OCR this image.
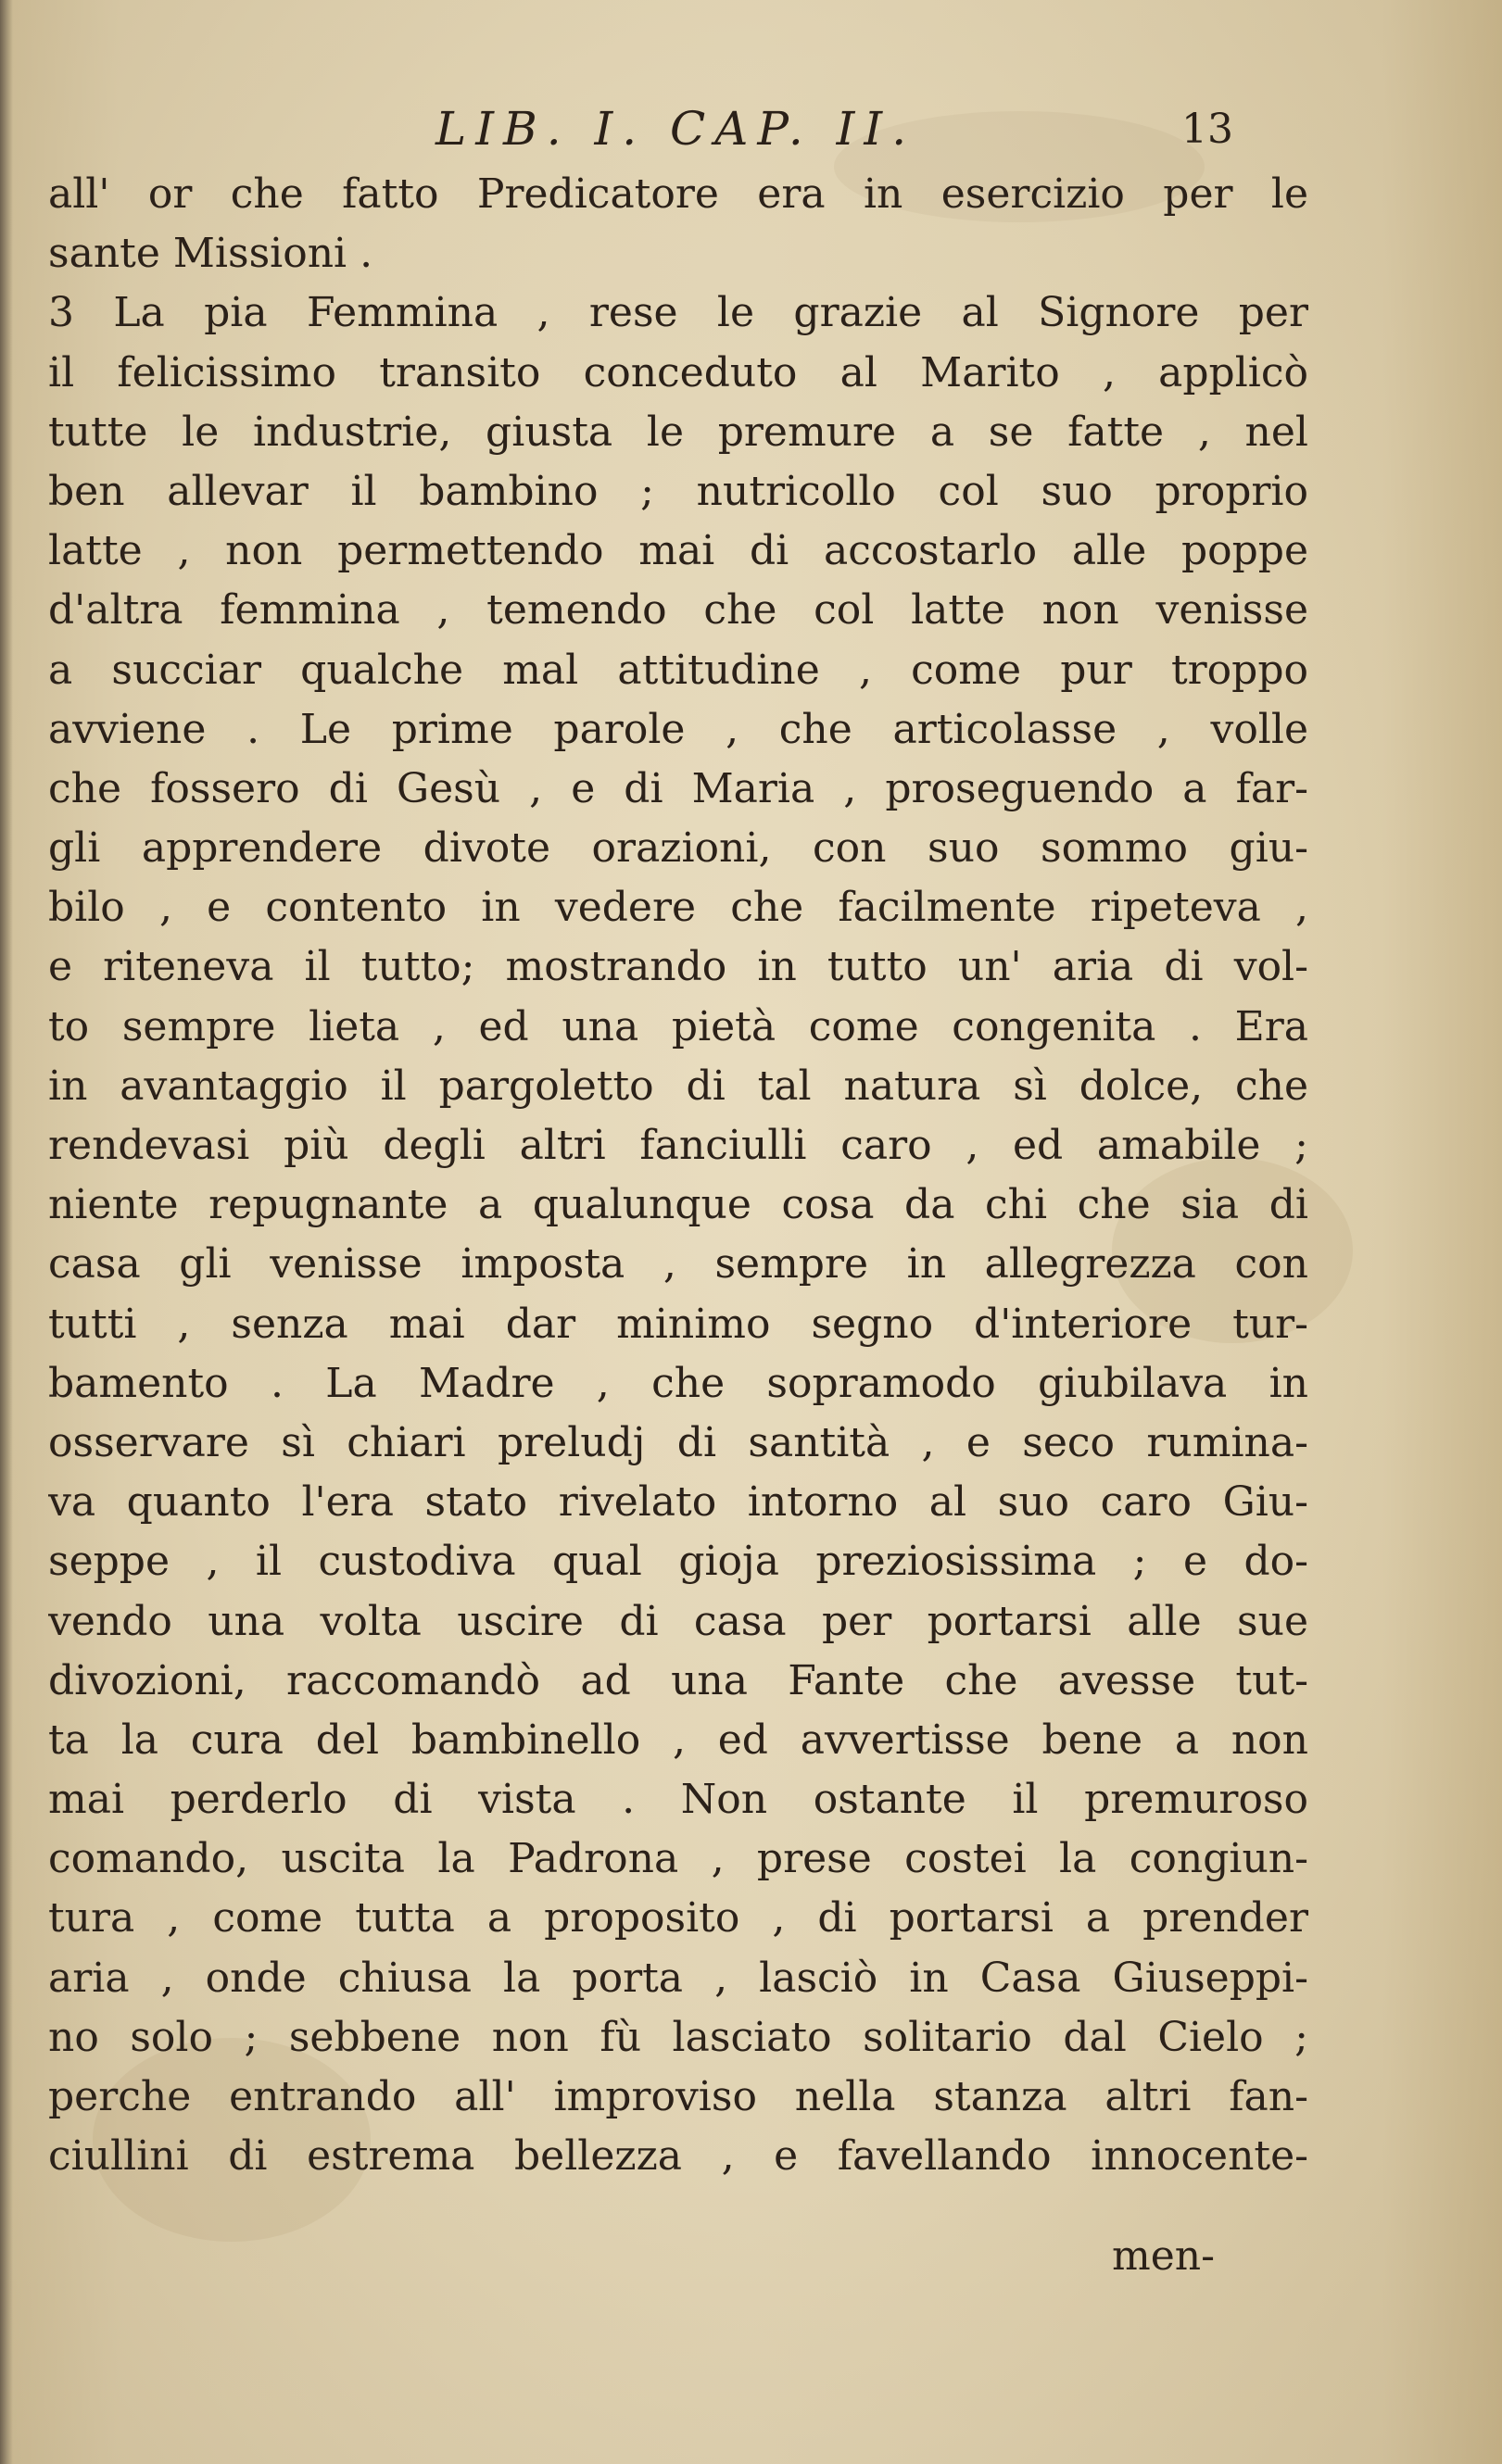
LIB. I. CAP. II.	13
all' or che fatto Predicatore era in esercizio per le
sante Missioni .
3 La pia Femmina , rese le grazie al Signore per
il felicissimo transito conceduto al Marito , applicò
tutte le industrie, giusta le premure a se fatte , nel
ben allevar il bambino ; nutricollo col suo proprio
latte , non permettendo mai di accostarlo alle poppe
d'altra femmina , temendo che col latte non venisse
a succiar qualche mal attitudine , come pur troppo
avviene . Le prime parole , che articolasse , volle
che fossero di Gesù , e di Maria , proseguendo a far-
gli apprendere divote orazioni, con suo sommo giu-
bilo , e contento in vedere che facilmente ripeteva ,
e riteneva il tutto; mostrando in tutto un' aria di vol-
to sempre lieta , ed una pietà come congenita . Era
in avantaggio il pargoletto di tal natura sì dolce, che
rendevasi più degli altri fanciulli caro , ed amabile ;
niente repugnante a qualunque cosa da chi che sia di
casa gli venisse imposta , sempre in allegrezza con
tutti , senza mai dar minimo segno d'interiore tur-
bamento . La Madre , che sopramodo giubilava in
osservare sì chiari preludj di santità , e seco rumina-
va quanto l'era stato rivelato intorno al suo caro Giu-
seppe , il custodiva qual gioja preziosissima ; e do-
vendo una volta uscire di casa per portarsi alle sue
divozioni, raccomandò ad una Fante che avesse tut-
ta la cura del bambinello , ed avvertisse bene a non
mai perderlo di vista . Non ostante il premuroso
comando, uscita la Padrona , prese costei la congiun-
tura , come tutta a proposito , di portarsi a prender
aria , onde chiusa la porta , lasciò in Casa Giuseppi-
no solo ; sebbene non fù lasciato solitario dal Cielo ;
perche entrando all' improviso nella stanza altri fan-
ciullini di estrema bellezza , e favellando innocente-
men-
